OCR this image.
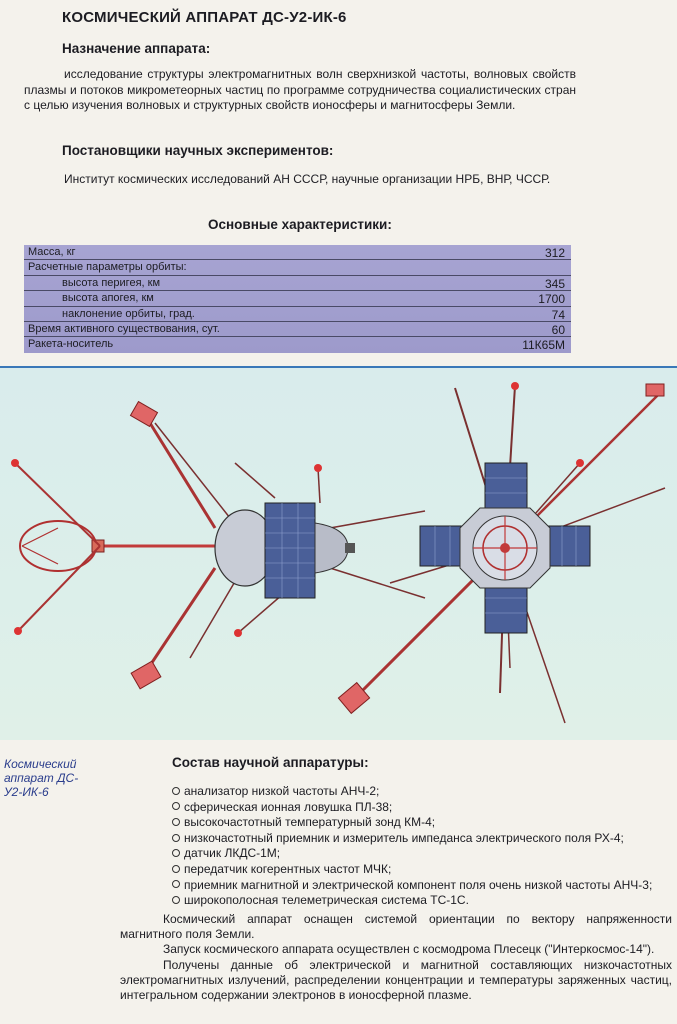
КОСМИЧЕСКИЙ АППАРАТ ДС-У2-ИК-6
Назначение аппарата:
исследование структуры электромагнитных волн сверхнизкой частоты, волновых свойств плазмы и потоков микрометеорных частиц по программе сотрудничества социалистических стран с целью изучения волновых и структурных свойств ионосферы и магнитосферы Земли.
Постановщики научных экспериментов:
Институт космических исследований АН СССР, научные организации НРБ, ВНР, ЧССР.
Основные характеристики:
Масса, кг	312
Расчетные параметры орбиты:
высота перигея, км	345
высота апогея, км	1700
наклонение орбиты, град.	74
Время активного существования, сут.	60
Ракета-носитель	11К65М
Космический аппарат ДС-У2-ИК-6
Состав научной аппаратуры:
анализатор низкой частоты АНЧ-2;
сферическая ионная ловушка ПЛ-38;
высокочастотный температурный зонд КМ-4;
низкочастотный приемник и измеритель импеданса электрического поля РХ-4;
датчик ЛКДС-1М;
передатчик когерентных частот МЧК;
приемник магнитной и электрической компонент поля очень низкой частоты АНЧ-3;
широкополосная телеметрическая система ТС-1С.

Космический аппарат оснащен системой ориентации по вектору напряженности магнитного поля Земли.

Запуск космического аппарата осуществлен с космодрома Плесецк ("Интеркосмос-14").

Получены данные об электрической и магнитной составляющих низкочастотных электромагнитных излучений, распределении концентрации и температуры заряженных частиц, интегральном содержании электронов в ионосферной плазме.
